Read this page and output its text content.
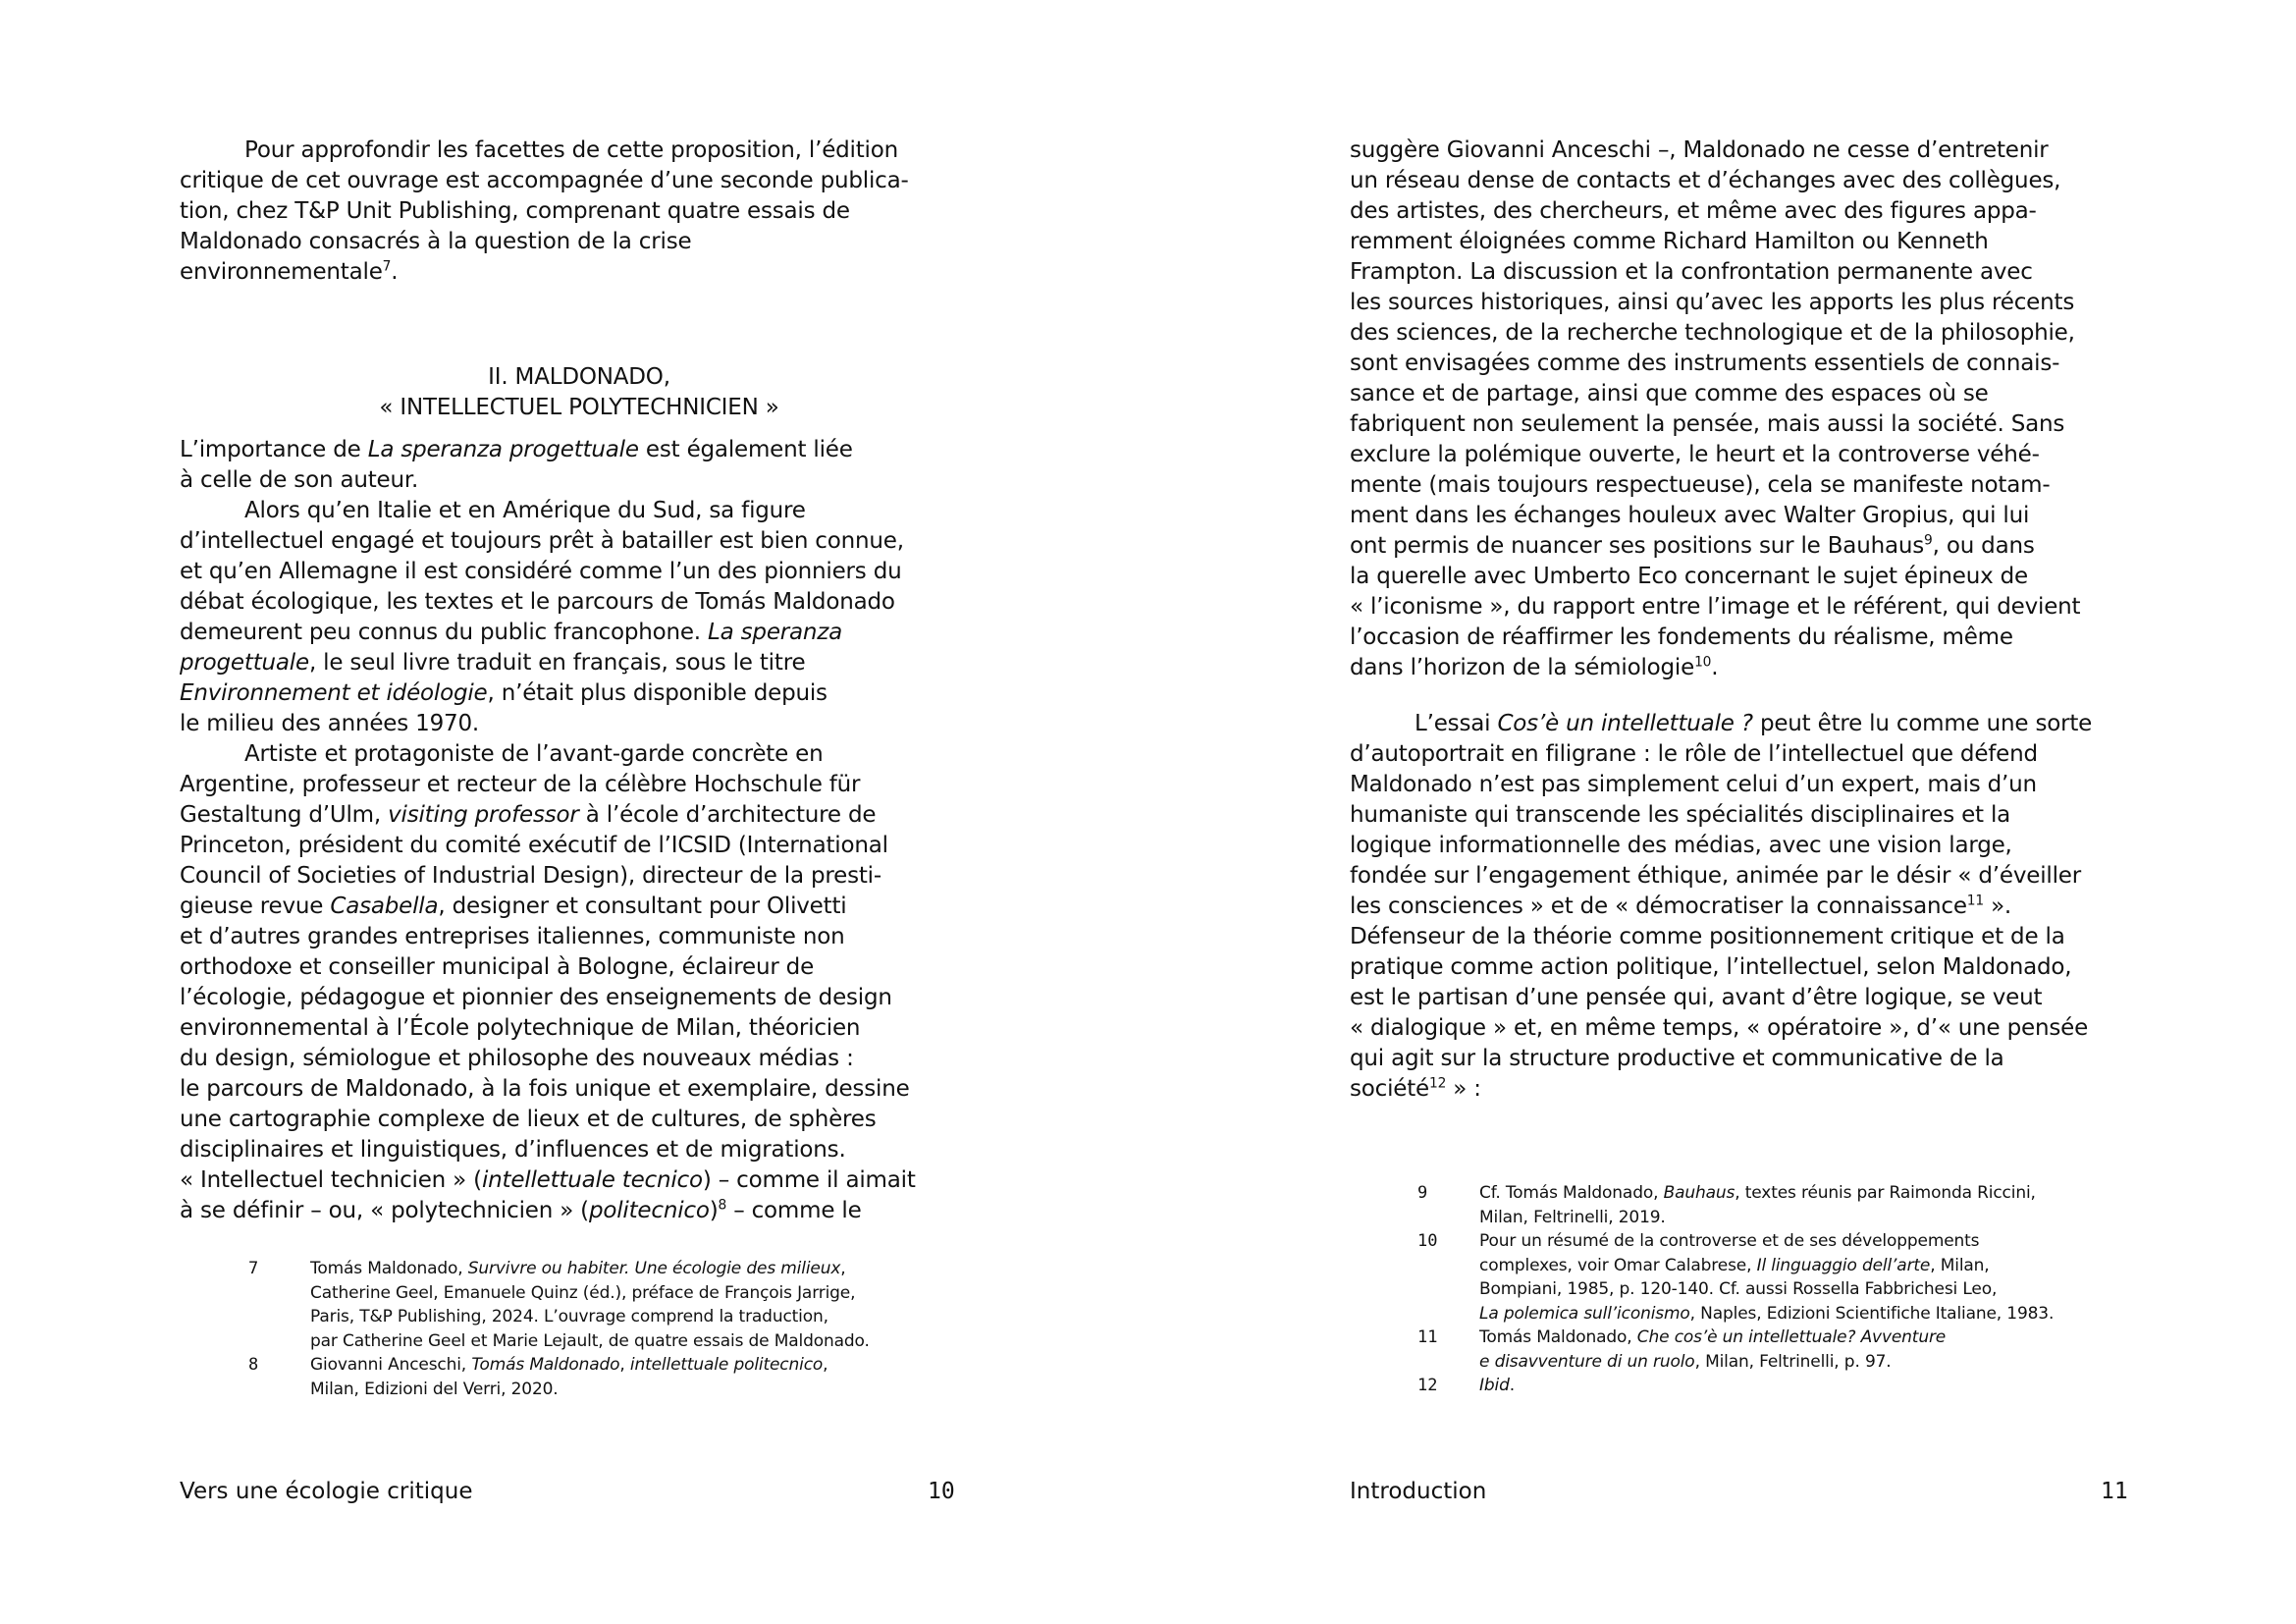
Pour approfondir les facettes de cette proposition, l’édition
critique de cet ouvrage est accompagnée d’une seconde publica-
tion, chez T&P Unit Publishing, comprenant quatre essais de
Maldonado consacrés à la question de la crise
environnementale$^7$.
II. MALDONADO,
« INTELLECTUEL POLYTECHNICIEN »
L’importance de La speranza progettuale est également liée
à celle de son auteur.
Alors qu’en Italie et en Amérique du Sud, sa figure
d’intellectuel engagé et toujours prêt à batailler est bien connue,
et qu’en Allemagne il est considéré comme l’un des pionniers du
débat écologique, les textes et le parcours de Tomás Maldonado
demeurent peu connus du public francophone. La speranza
progettuale, le seul livre traduit en français, sous le titre
Environnement et idéologie, n’était plus disponible depuis
le milieu des années 1970.
Artiste et protagoniste de l’avant-garde concrète en
Argentine, professeur et recteur de la célèbre Hochschule für
Gestaltung d’Ulm, visiting professor à l’école d’architecture de
Princeton, président du comité exécutif de l’ICSID (International
Council of Societies of Industrial Design), directeur de la presti-
gieuse revue Casabella, designer et consultant pour Olivetti
et d’autres grandes entreprises italiennes, communiste non
orthodoxe et conseiller municipal à Bologne, éclaireur de
l’écologie, pédagogue et pionnier des enseignements de design
environnemental à l’École polytechnique de Milan, théoricien
du design, sémiologue et philosophe des nouveaux médias :
le parcours de Maldonado, à la fois unique et exemplaire, dessine
une cartographie complexe de lieux et de cultures, de sphères
disciplinaires et linguistiques, d’influences et de migrations.
« Intellectuel technicien » (intellettuale tecnico) – comme il aimait
à se définir – ou, « polytechnicien » (politecnico)$^8$ – comme le
7	Tomás Maldonado, Survivre ou habiter. Une écologie des milieux,
Catherine Geel, Emanuele Quinz (éd.), préface de François Jarrige,
Paris, T&P Publishing, 2024. L’ouvrage comprend la traduction,
par Catherine Geel et Marie Lejault, de quatre essais de Maldonado.
8	Giovanni Anceschi, Tomás Maldonado, intellettuale politecnico,
Milan, Edizioni del Verri, 2020.
Vers une écologie critique	10
suggère Giovanni Anceschi –, Maldonado ne cesse d’entretenir
un réseau dense de contacts et d’échanges avec des collègues,
des artistes, des chercheurs, et même avec des figures appa-
remment éloignées comme Richard Hamilton ou Kenneth
Frampton. La discussion et la confrontation permanente avec
les sources historiques, ainsi qu’avec les apports les plus récents
des sciences, de la recherche technologique et de la philosophie,
sont envisagées comme des instruments essentiels de connais-
sance et de partage, ainsi que comme des espaces où se
fabriquent non seulement la pensée, mais aussi la société. Sans
exclure la polémique ouverte, le heurt et la controverse véhé-
mente (mais toujours respectueuse), cela se manifeste notam-
ment dans les échanges houleux avec Walter Gropius, qui lui
ont permis de nuancer ses positions sur le Bauhaus$^9$, ou dans
la querelle avec Umberto Eco concernant le sujet épineux de
« l’iconisme », du rapport entre l’image et le référent, qui devient
l’occasion de réaffirmer les fondements du réalisme, même
dans l’horizon de la sémiologie$^{10}$.
L’essai Cos’è un intellettuale ? peut être lu comme une sorte
d’autoportrait en filigrane : le rôle de l’intellectuel que défend
Maldonado n’est pas simplement celui d’un expert, mais d’un
humaniste qui transcende les spécialités disciplinaires et la
logique informationnelle des médias, avec une vision large,
fondée sur l’engagement éthique, animée par le désir « d’éveiller
les consciences » et de « démocratiser la connaissance$^{11}$ ».
Défenseur de la théorie comme positionnement critique et de la
pratique comme action politique, l’intellectuel, selon Maldonado,
est le partisan d’une pensée qui, avant d’être logique, se veut
« dialogique » et, en même temps, « opératoire », d’« une pensée
qui agit sur la structure productive et communicative de la
société$^{12}$ » :
9	Cf. Tomás Maldonado, Bauhaus, textes réunis par Raimonda Riccini,
Milan, Feltrinelli, 2019.
10	Pour un résumé de la controverse et de ses développements
complexes, voir Omar Calabrese, Il linguaggio dell’arte, Milan,
Bompiani, 1985, p. 120-140. Cf. aussi Rossella Fabbrichesi Leo,
La polemica sull’iconismo, Naples, Edizioni Scientifiche Italiane, 1983.
11	Tomás Maldonado, Che cos’è un intellettuale? Avventure
e disavventure di un ruolo, Milan, Feltrinelli, p. 97.
12	Ibid.
Introduction	11
